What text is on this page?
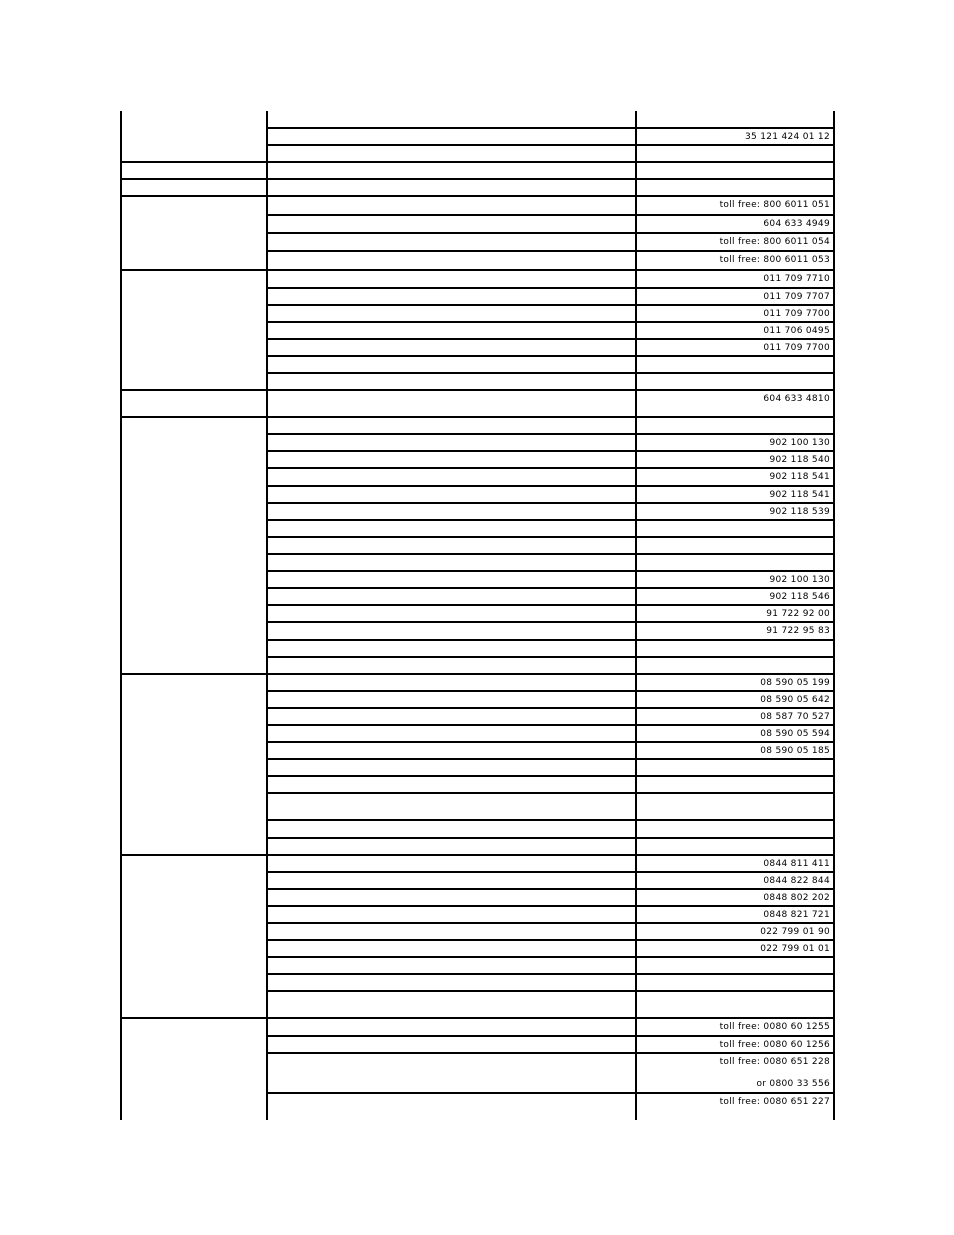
35 121 424 01 12
toll free: 800 6011 051
604 633 4949
toll free: 800 6011 054
toll free: 800 6011 053
011 709 7710
011 709 7707
011 709 7700
011 706 0495
011 709 7700
604 633 4810
902 100 130
902 118 540
902 118 541
902 118 541
902 118 539
902 100 130
902 118 546
91 722 92 00
91 722 95 83
08 590 05 199
08 590 05 642
08 587 70 527
08 590 05 594
08 590 05 185
0844 811 411
0844 822 844
0848 802 202
0848 821 721
022 799 01 90
022 799 01 01
toll free: 0080 60 1255
toll free: 0080 60 1256
toll free: 0080 651 228
or 0800 33 556
toll free: 0080 651 227
